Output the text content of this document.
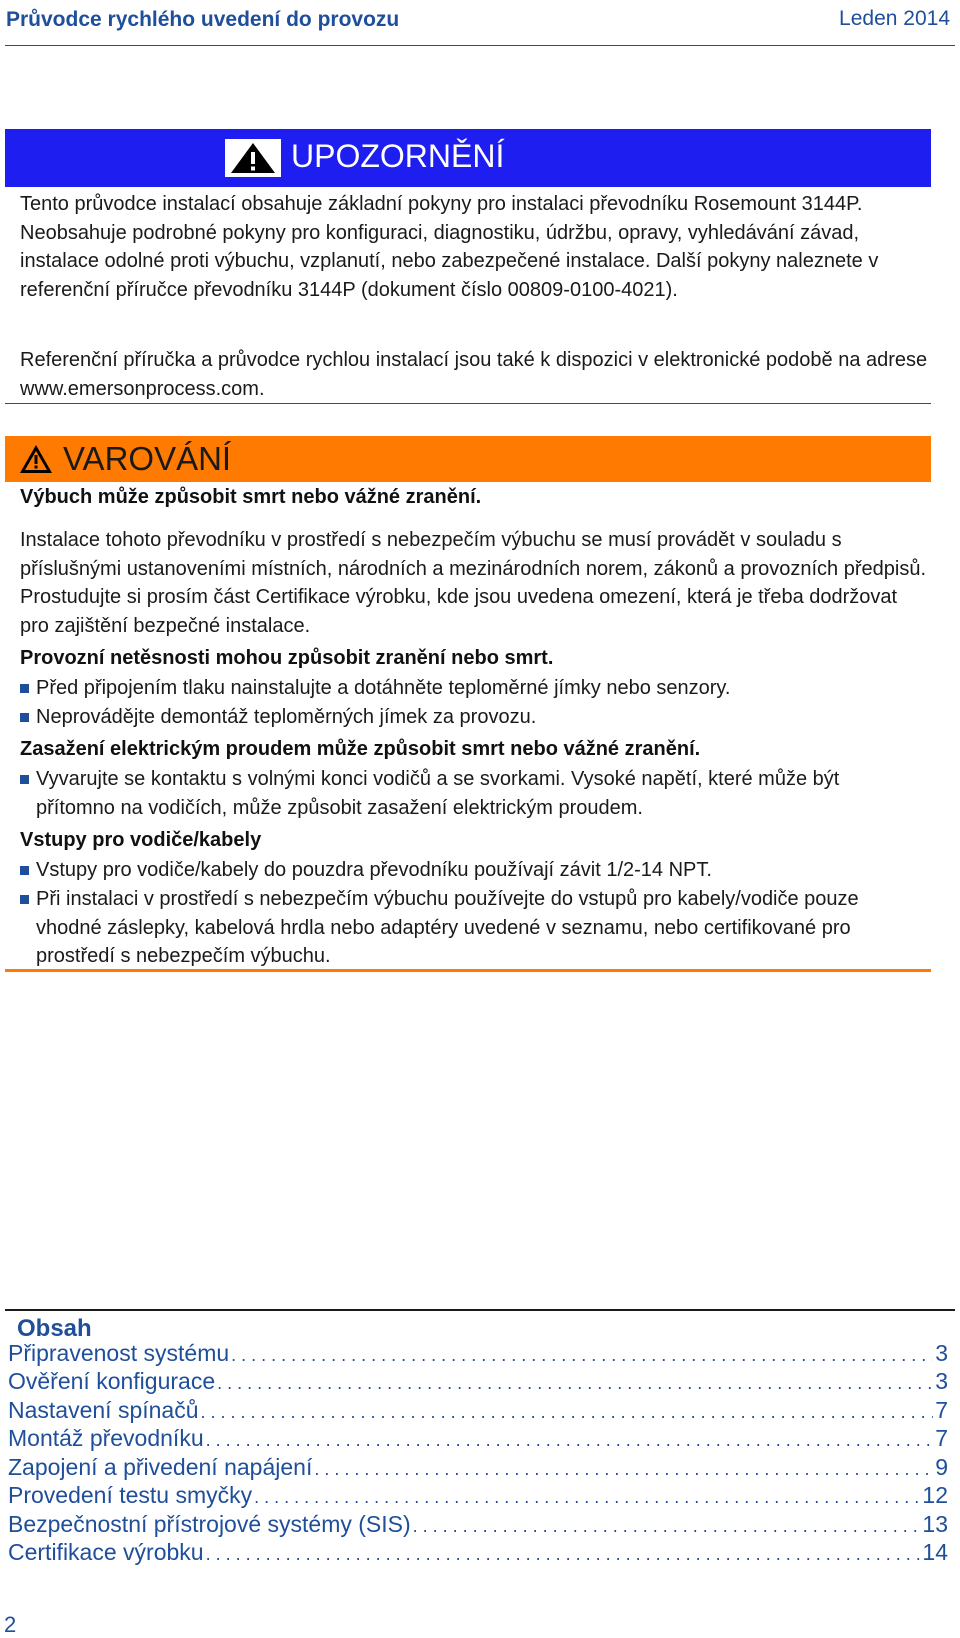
Průvodce rychlého uvedení do provozu	Leden 2014
UPOZORNĚNÍ
Tento průvodce instalací obsahuje základní pokyny pro instalaci převodníku Rosemount 3144P. Neobsahuje podrobné pokyny pro konfiguraci, diagnostiku, údržbu, opravy, vyhledávání závad, instalace odolné proti výbuchu, vzplanutí, nebo zabezpečené instalace. Další pokyny naleznete v referenční příručce převodníku 3144P (dokument číslo 00809-0100-4021).
Referenční příručka a průvodce rychlou instalací jsou také k dispozici v elektronické podobě na adrese www.emersonprocess.com.
VAROVÁNÍ
Výbuch může způsobit smrt nebo vážné zranění.
Instalace tohoto převodníku v prostředí s nebezpečím výbuchu se musí provádět v souladu s příslušnými ustanoveními místních, národních a mezinárodních norem, zákonů a provozních předpisů. Prostudujte si prosím část Certifikace výrobku, kde jsou uvedena omezení, která je třeba dodržovat pro zajištění bezpečné instalace.
Provozní netěsnosti mohou způsobit zranění nebo smrt.
Před připojením tlaku nainstalujte a dotáhněte teploměrné jímky nebo senzory.
Neprovádějte demontáž teploměrných jímek za provozu.
Zasažení elektrickým proudem může způsobit smrt nebo vážné zranění.
Vyvarujte se kontaktu s volnými konci vodičů a se svorkami. Vysoké napětí, které může být přítomno na vodičích, může způsobit zasažení elektrickým proudem.
Vstupy pro vodiče/kabely
Vstupy pro vodiče/kabely do pouzdra převodníku používají závit 1/2-14 NPT.
Při instalaci v prostředí s nebezpečím výbuchu používejte do vstupů pro kabely/vodiče pouze vhodné záslepky, kabelová hrdla nebo adaptéry uvedené v seznamu, nebo certifikované pro prostředí s nebezpečím výbuchu.
Obsah
Připravenost systému . . .	3
Ověření konfigurace . . .	3
Nastavení spínačů . . .	7
Montáž převodníku . . .	7
Zapojení a přivedení napájení . . .	9
Provedení testu smyčky . . .	12
Bezpečnostní přístrojové systémy (SIS) . . .	13
Certifikace výrobku . . .	14
2
